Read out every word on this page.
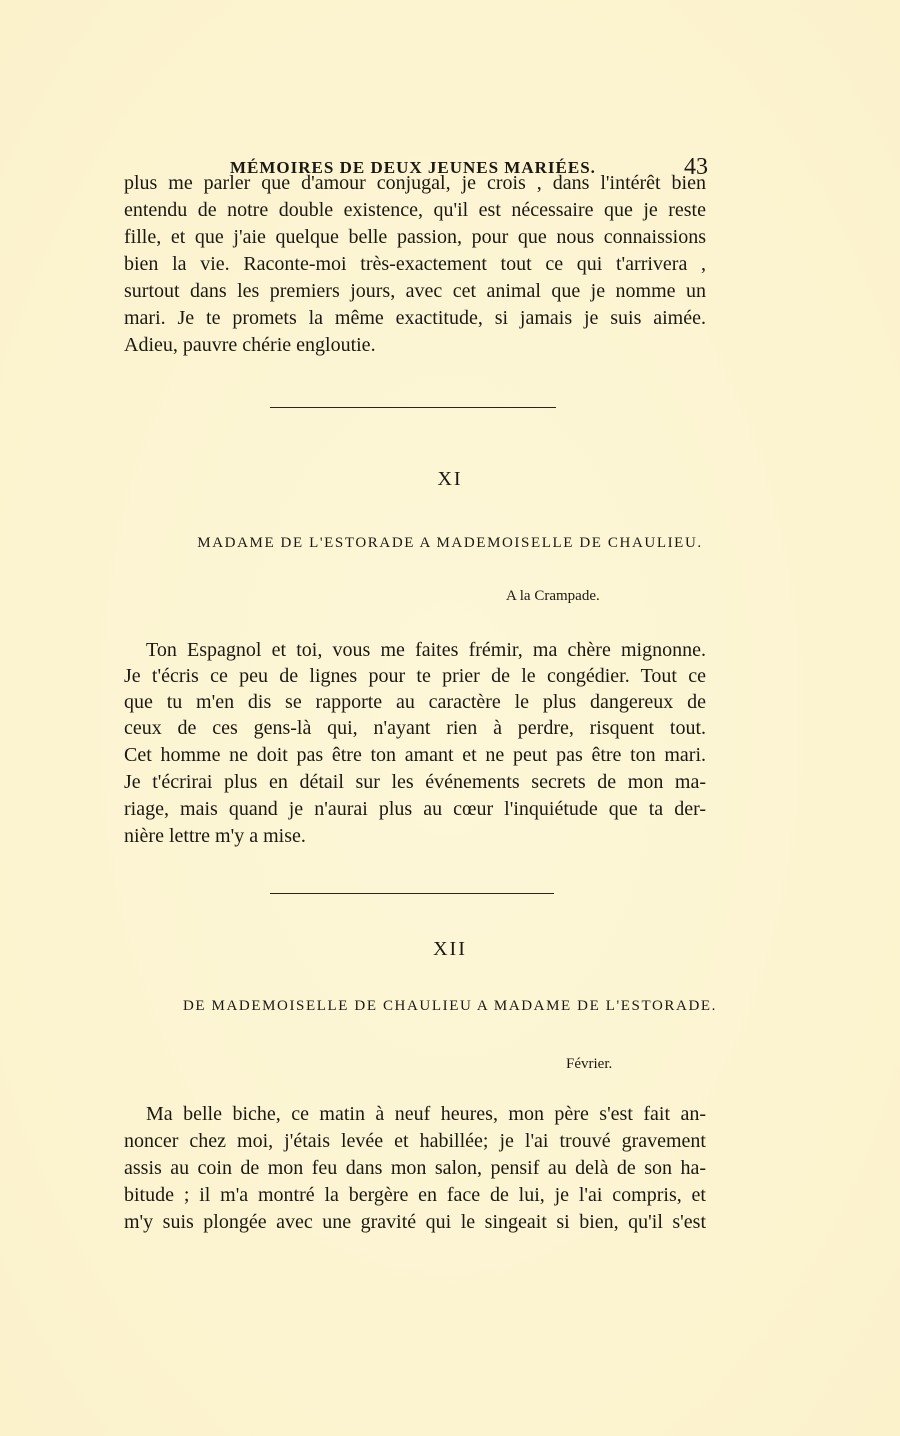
MÉMOIRES DE DEUX JEUNES MARIÉES.	43
plus me parler que d'amour conjugal, je crois , dans l'intérêt bien
entendu de notre double existence, qu'il est nécessaire que je reste
fille, et que j'aie quelque belle passion, pour que nous connaissions
bien la vie. Raconte-moi très-exactement tout ce qui t'arrivera ,
surtout dans les premiers jours, avec cet animal que je nomme un
mari. Je te promets la même exactitude, si jamais je suis aimée.
Adieu, pauvre chérie engloutie.
XI
MADAME DE L'ESTORADE A MADEMOISELLE DE CHAULIEU.
A la Crampade.
Ton Espagnol et toi, vous me faites frémir, ma chère mignonne.
Je t'écris ce peu de lignes pour te prier de le congédier. Tout ce
que tu m'en dis se rapporte au caractère le plus dangereux de
ceux de ces gens-là qui, n'ayant rien à perdre, risquent tout.
Cet homme ne doit pas être ton amant et ne peut pas être ton mari.
Je t'écrirai plus en détail sur les événements secrets de mon ma-
riage, mais quand je n'aurai plus au cœur l'inquiétude que ta der-
nière lettre m'y a mise.
XII
DE MADEMOISELLE DE CHAULIEU A MADAME DE L'ESTORADE.
Février.
Ma belle biche, ce matin à neuf heures, mon père s'est fait an-
noncer chez moi, j'étais levée et habillée; je l'ai trouvé gravement
assis au coin de mon feu dans mon salon, pensif au delà de son ha-
bitude ; il m'a montré la bergère en face de lui, je l'ai compris, et
m'y suis plongée avec une gravité qui le singeait si bien, qu'il s'est
